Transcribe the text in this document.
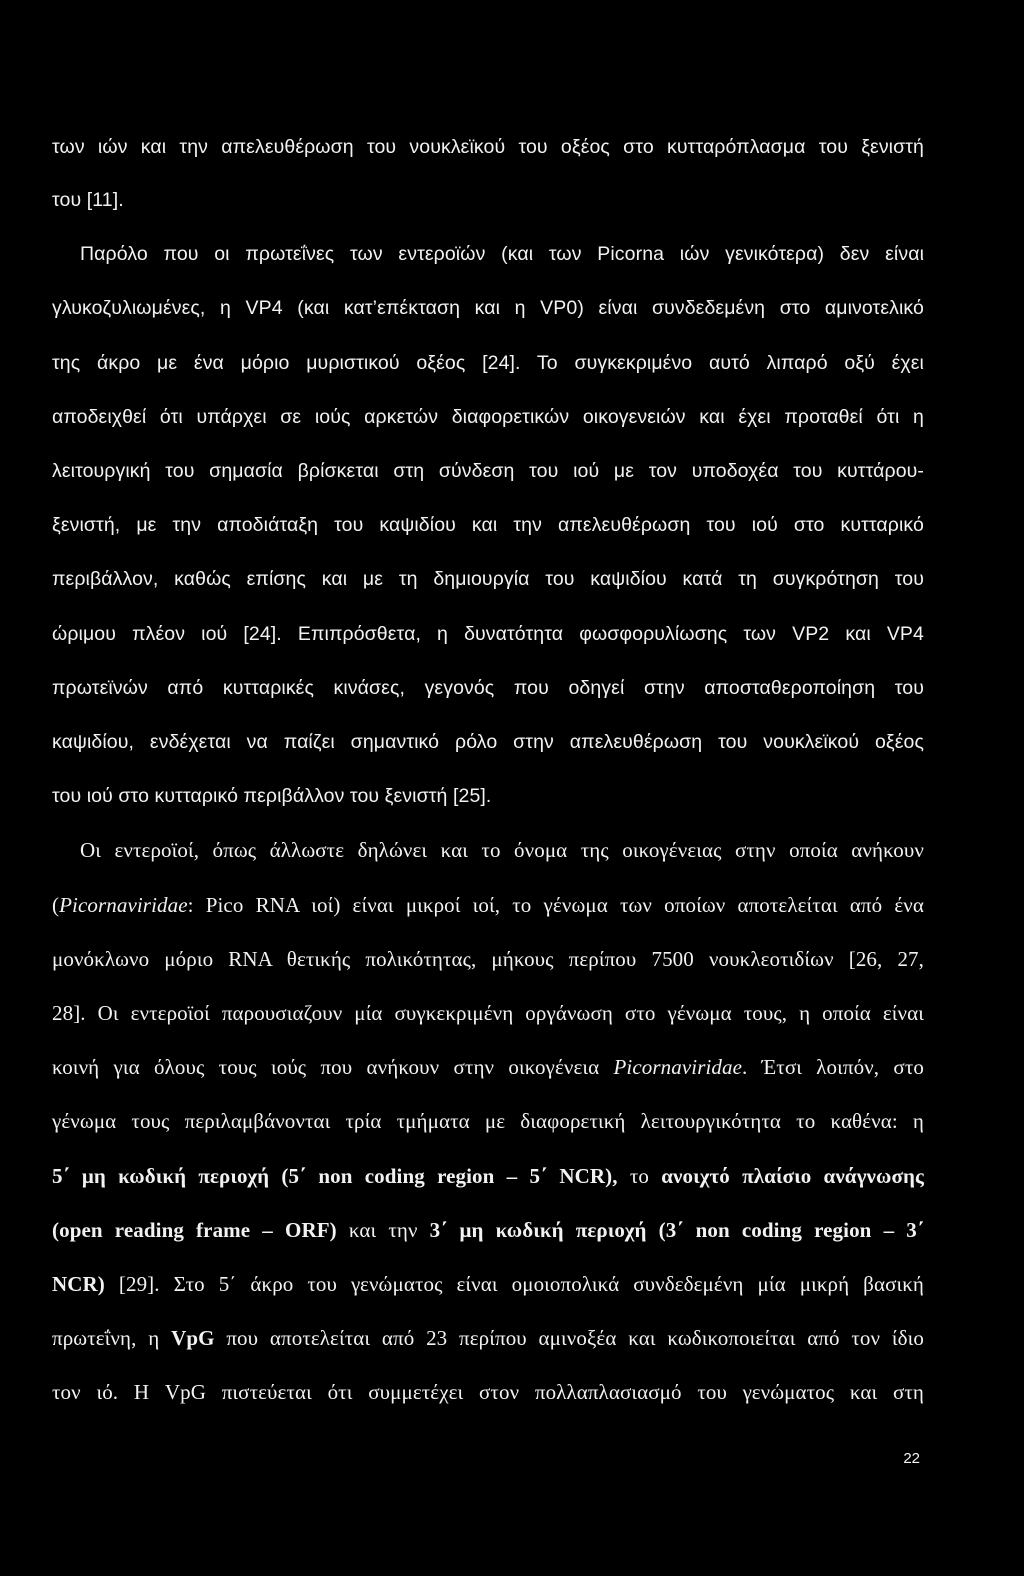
των ιών και την απελευθέρωση του νουκλεϊκού του οξέος στο κυτταρόπλασμα του ξενιστή
του [11].
Παρόλο που οι πρωτεΐνες των εντεροϊών (και των Picorna ιών γενικότερα) δεν είναι
γλυκοζυλιωμένες, η VP4 (και κατ’επέκταση και η VP0) είναι συνδεδεμένη στο αμινοτελικό
της άκρο με ένα μόριο μυριστικού οξέος [24]. Το συγκεκριμένο αυτό λιπαρό οξύ έχει
αποδειχθεί ότι υπάρχει σε ιούς αρκετών διαφορετικών οικογενειών και έχει προταθεί ότι η
λειτουργική του σημασία βρίσκεται στη σύνδεση του ιού με τον υποδοχέα του κυττάρου-
ξενιστή, με την αποδιάταξη του καψιδίου και την απελευθέρωση του ιού στο κυτταρικό
περιβάλλον, καθώς επίσης και με τη δημιουργία του καψιδίου κατά τη συγκρότηση του
ώριμου πλέον ιού [24]. Επιπρόσθετα, η δυνατότητα φωσφορυλίωσης των VP2 και VP4
πρωτεϊνών από κυτταρικές κινάσες, γεγονός που οδηγεί στην αποσταθεροποίηση του
καψιδίου, ενδέχεται να παίζει σημαντικό ρόλο στην απελευθέρωση του νουκλεϊκού οξέος
του ιού στο κυτταρικό περιβάλλον του ξενιστή [25].
Οι εντεροϊοί, όπως άλλωστε δηλώνει και το όνομα της οικογένειας στην οποία ανήκουν
(Picornaviridae: Pico RNA ιοί) είναι μικροί ιοί, το γένωμα των οποίων αποτελείται από ένα
μονόκλωνο μόριο RNA θετικής πολικότητας, μήκους περίπου 7500 νουκλεοτιδίων [26, 27,
28]. Οι εντεροϊοί παρουσιαζουν μία συγκεκριμένη οργάνωση στο γένωμα τους, η οποία είναι
κοινή για όλους τους ιούς που ανήκουν στην οικογένεια Picornaviridae. Έτσι λοιπόν, στο
γένωμα τους περιλαμβάνονται τρία τμήματα με διαφορετική λειτουργικότητα το καθένα: η
5΄ μη κωδική περιοχή (5΄ non coding region – 5΄ NCR), το ανοιχτό πλαίσιο ανάγνωσης
(open reading frame – ORF) και την 3΄ μη κωδική περιοχή (3΄ non coding region – 3΄
NCR) [29]. Στο 5΄ άκρο του γενώματος είναι ομοιοπολικά συνδεδεμένη μία μικρή βασική
πρωτεΐνη, η VpG που αποτελείται από 23 περίπου αμινοξέα και κωδικοποιείται από τον ίδιο
τον ιό. Η VpG πιστεύεται ότι συμμετέχει στον πολλαπλασιασμό του γενώματος και στη
22
